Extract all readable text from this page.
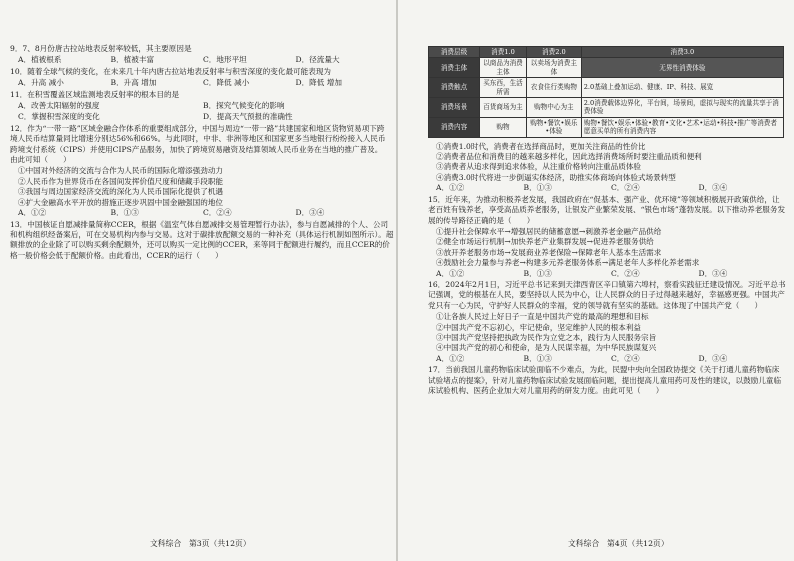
9．7、8月份唐古拉站地表反射率较低，其主要原因是
A．植被根系	B．植被丰富	C．地形平坦	D．径流量大
10．随着全球气候的变化，在未来几十年内唐古拉站地表反射率与积雪深度的变化最可能表现为
A．升高 减小	B．升高 增加	C．降低 减小	D．降低 增加
11．在积雪覆盖区域监测地表反射率的根本目的是
A．改善太阳辐射的强度	B．探究气候变化的影响
C．掌握积雪深度的变化	D．提高天气预报的准确性
12．作为“一带一路”区域金融合作体系的重要组成部分，中国与周边“一带一路”共建国家和地区货物贸易项下跨境人民币结算量同比增速分别达56%和66%。与此同时，中非、非洲等地区和国家更多当地银行纷纷接入人民币跨境支付系统（CIPS）并使用CIPS产品服务，加快了跨境贸易融资及结算领域人民币业务在当地的推广普及。由此可知（　　）
①中国对外经济的交流与合作为人民币的国际化增添强劲动力
②人民币作为世界货币在各国间发挥价值尺度和储藏手段职能
③我国与周边国家经济交流的深化为人民币国际化提供了机遇
④扩大金融高水平开放的措施正逐步巩固中国金融强国的地位
A．①②	B．①③	C．②④	D．③④
13．中国核证自愿减排量简称CCER，根据《温室气体自愿减排交易管理暂行办法》，参与自愿减排的个人、公司和机构组织经备案后，可在交易机构内参与交易。这对于碳排放配额交易的一种补充（具体运行机制如图所示）。超额排放的企业除了可以购买剩余配额外，还可以购买一定比例的CCER，来等同于配额进行履约，而且CCER的价格一般价格会低于配额价格。由此看出，CCER的运行（　　）
文科综合　第3页（共12页）
消费层级	消费1.0	消费2.0	消费3.0
消费主体	以商品为消费主体	以卖场为消费主体	无界性消费体验
消费触点	买东西，生活所需	衣食住行类购物	2.0基础上叠加运动、健康、IP、科技、展览
消费场景	百货商场为主	购物中心为主	2.0消费载体边界化，平台间，场景间，虚拟与现实的流量共享于消费体验
消费内容	购物	购物•餐饮•娱乐•体验	购物•餐饮•娱乐•体验•教育•文化•艺术•运动•科技•推广等消费者愿意买单的所有消费内容
①消费1.0时代，消费者在选择商品时，更加关注商品的性价比
②消费者品位和消费目的越来越多样化，因此选择消费场所时要注重品质和便利
③消费者从追求得到追求体验，从注重价格转向注重品质体验
④消费3.0时代将进一步倒逼实体经济，助推实体商场向体验式场景转型
A．①②	B．①③	C．②④	D．③④
15．近年来，为推动积极养老发展，我国政府在“促基本、强产业、优环境”等领域积极展开政策供给，让老百姓有钱养老，享受高品质养老服务，让银发产业繁荣发展、“银色市场”蓬勃发展。以下推动养老服务发展的传导路径正确的是（　　）
①提升社会保障水平→增强居民的储蓄意愿→刺激养老金融产品供给
②健全市场运行机制→加快养老产业集群发展→促进养老服务供给
③放开养老服务市场→发展商业养老保险→保障老年人基本生活需求
④鼓励社会力量参与养老→构建多元养老服务体系→满足老年人多样化养老需求
A．①②	B．①③	C．②④	D．③④
16．2024年2月1日，习近平总书记来到天津西青区辛口镇第六埠村，察看实践征迁建设情况。习近平总书记强调，党的根基在人民，要坚持以人民为中心，让人民群众的日子过得越来越好，幸福感更强。中国共产党只有一心为民，守护好人民群众的幸福，党的领导就有坚实的基础。这体现了中国共产党（　　）
①让各族人民过上好日子一直是中国共产党的最高的理想和目标
②中国共产党不忘初心，牢记使命，坚定维护人民的根本利益
③中国共产党坚持把执政为民作为立党之本，践行为人民服务宗旨
④中国共产党的初心和使命，是为人民谋幸福，为中华民族谋复兴
A．①②	B．①③	C．②④	D．③④
17．当前我国儿童药物临床试验面临不少难点，为此，民盟中央向全国政协提交《关于打通儿童药物临床试验堵点的提案》，针对儿童药物临床试验发展面临问题，提出提高儿童用药可及性的建议，以鼓励儿童临床试验机构、医药企业加大对儿童用药的研发力度。由此可见（　　）
文科综合　第4页（共12页）
